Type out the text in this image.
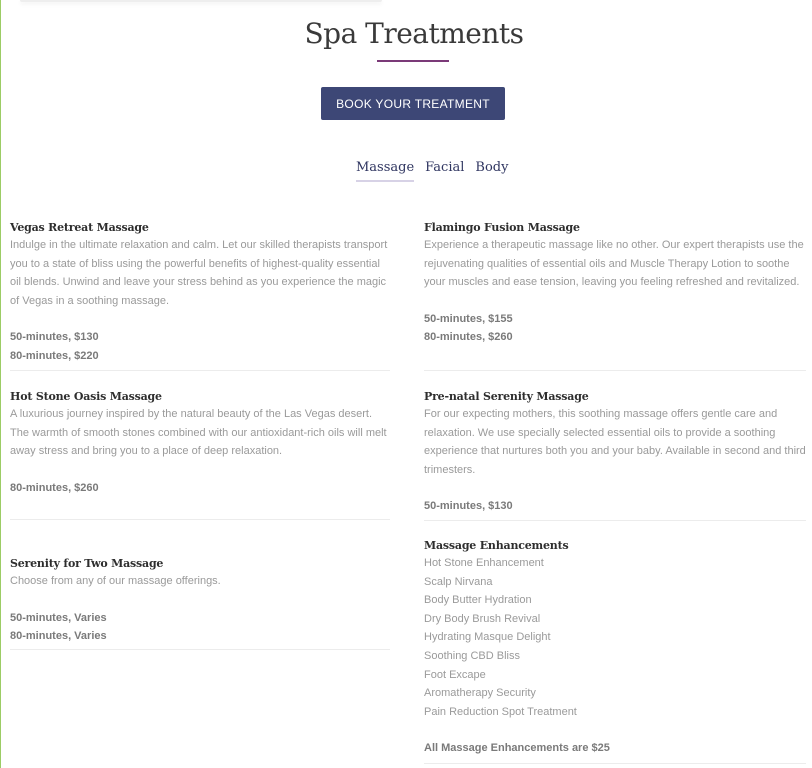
Spa Treatments
BOOK YOUR TREATMENT
Massage Facial Body
Vegas Retreat Massage

Indulge in the ultimate relaxation and calm. Let our skilled therapists transport you to a state of bliss using the powerful benefits of highest-quality essential oil blends. Unwind and leave your stress behind as you experience the magic of Vegas in a soothing massage.

50-minutes, $130
80-minutes, $220
Hot Stone Oasis Massage

A luxurious journey inspired by the natural beauty of the Las Vegas desert. The warmth of smooth stones combined with our antioxidant-rich oils will melt away stress and bring you to a place of deep relaxation.

80-minutes, $260
Serenity for Two Massage

Choose from any of our massage offerings.

50-minutes, Varies
80-minutes, Varies
Flamingo Fusion Massage

Experience a therapeutic massage like no other. Our expert therapists use the rejuvenating qualities of essential oils and Muscle Therapy Lotion to soothe your muscles and ease tension, leaving you feeling refreshed and revitalized.

50-minutes, $155
80-minutes, $260
Pre-natal Serenity Massage

For our expecting mothers, this soothing massage offers gentle care and relaxation. We use specially selected essential oils to provide a soothing experience that nurtures both you and your baby. Available in second and third trimesters.

50-minutes, $130
Massage Enhancements
Hot Stone Enhancement
Scalp Nirvana
Body Butter Hydration
Dry Body Brush Revival
Hydrating Masque Delight
Soothing CBD Bliss
Foot Excape
Aromatherapy Security
Pain Reduction Spot Treatment
All Massage Enhancements are $25
